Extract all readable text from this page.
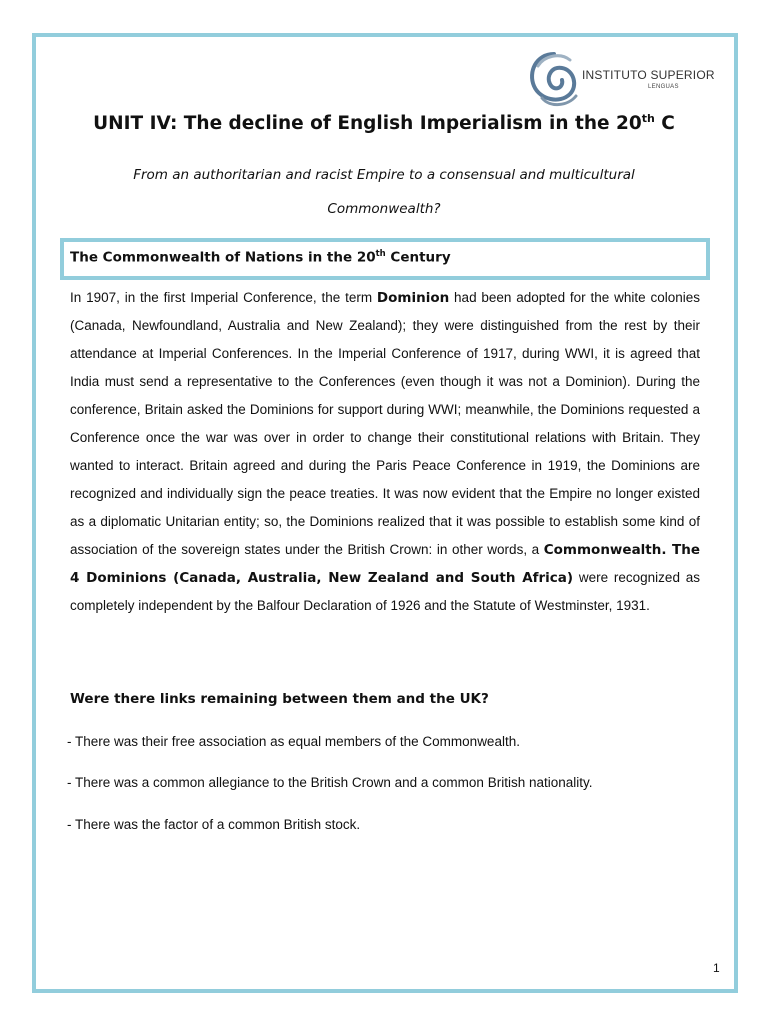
INSTITUTO SUPERIOR
LENGUAS
UNIT IV: The decline of English Imperialism in the 20th C
From an authoritarian and racist Empire to a consensual and multicultural Commonwealth?
The Commonwealth of Nations in the 20th Century
In 1907, in the first Imperial Conference, the term Dominion had been adopted for the white colonies (Canada, Newfoundland, Australia and New Zealand); they were distinguished from the rest by their attendance at Imperial Conferences. In the Imperial Conference of 1917, during WWI, it is agreed that India must send a representative to the Conferences (even though it was not a Dominion). During the conference, Britain asked the Dominions for support during WWI; meanwhile, the Dominions requested a Conference once the war was over in order to change their constitutional relations with Britain. They wanted to interact. Britain agreed and during the Paris Peace Conference in 1919, the Dominions are recognized and individually sign the peace treaties. It was now evident that the Empire no longer existed as a diplomatic Unitarian entity; so, the Dominions realized that it was possible to establish some kind of association of the sovereign states under the British Crown: in other words, a Commonwealth. The 4 Dominions (Canada, Australia, New Zealand and South Africa) were recognized as completely independent by the Balfour Declaration of 1926 and the Statute of Westminster, 1931.
Were there links remaining between them and the UK?
- There was their free association as equal members of the Commonwealth.
- There was a common allegiance to the British Crown and a common British nationality.
- There was the factor of a common British stock.
1
